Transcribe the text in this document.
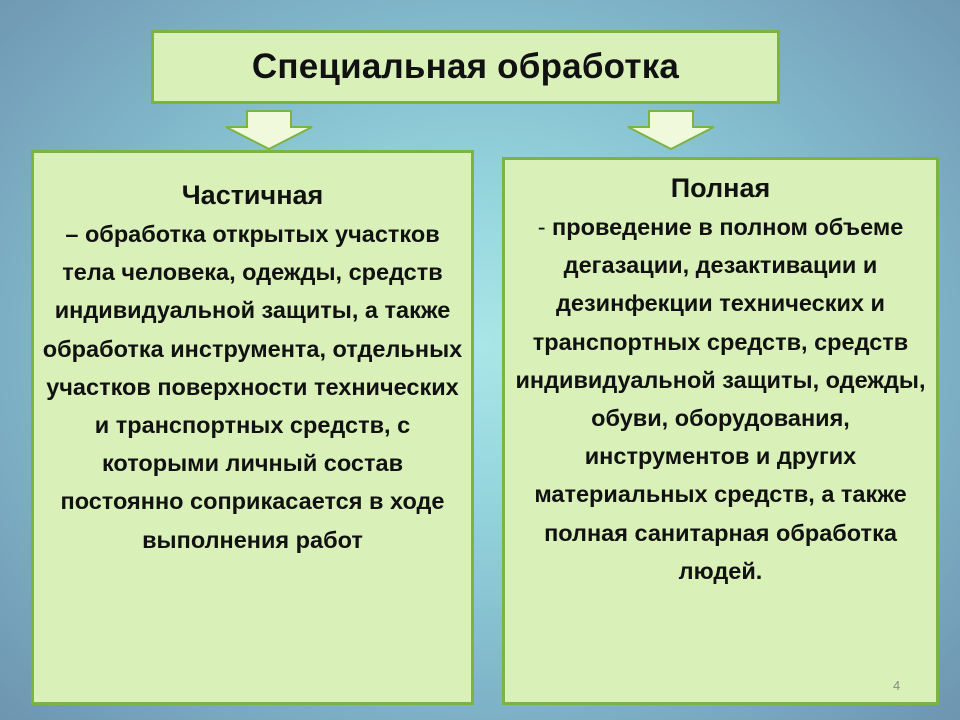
Специальная обработка
Частичная
– обработка открытых участков тела человека, одежды, средств индивидуальной защиты, а также обработка инструмента, отдельных участков поверхности технических и транспортных средств, с которыми личный состав постоянно соприкасается в ходе выполнения работ
Полная
- проведение в полном объеме дегазации, дезактивации и дезинфекции технических и транспортных средств, средств индивидуальной защиты, одежды, обуви, оборудования, инструментов и других материальных средств, а также полная санитарная обработка людей.
4
